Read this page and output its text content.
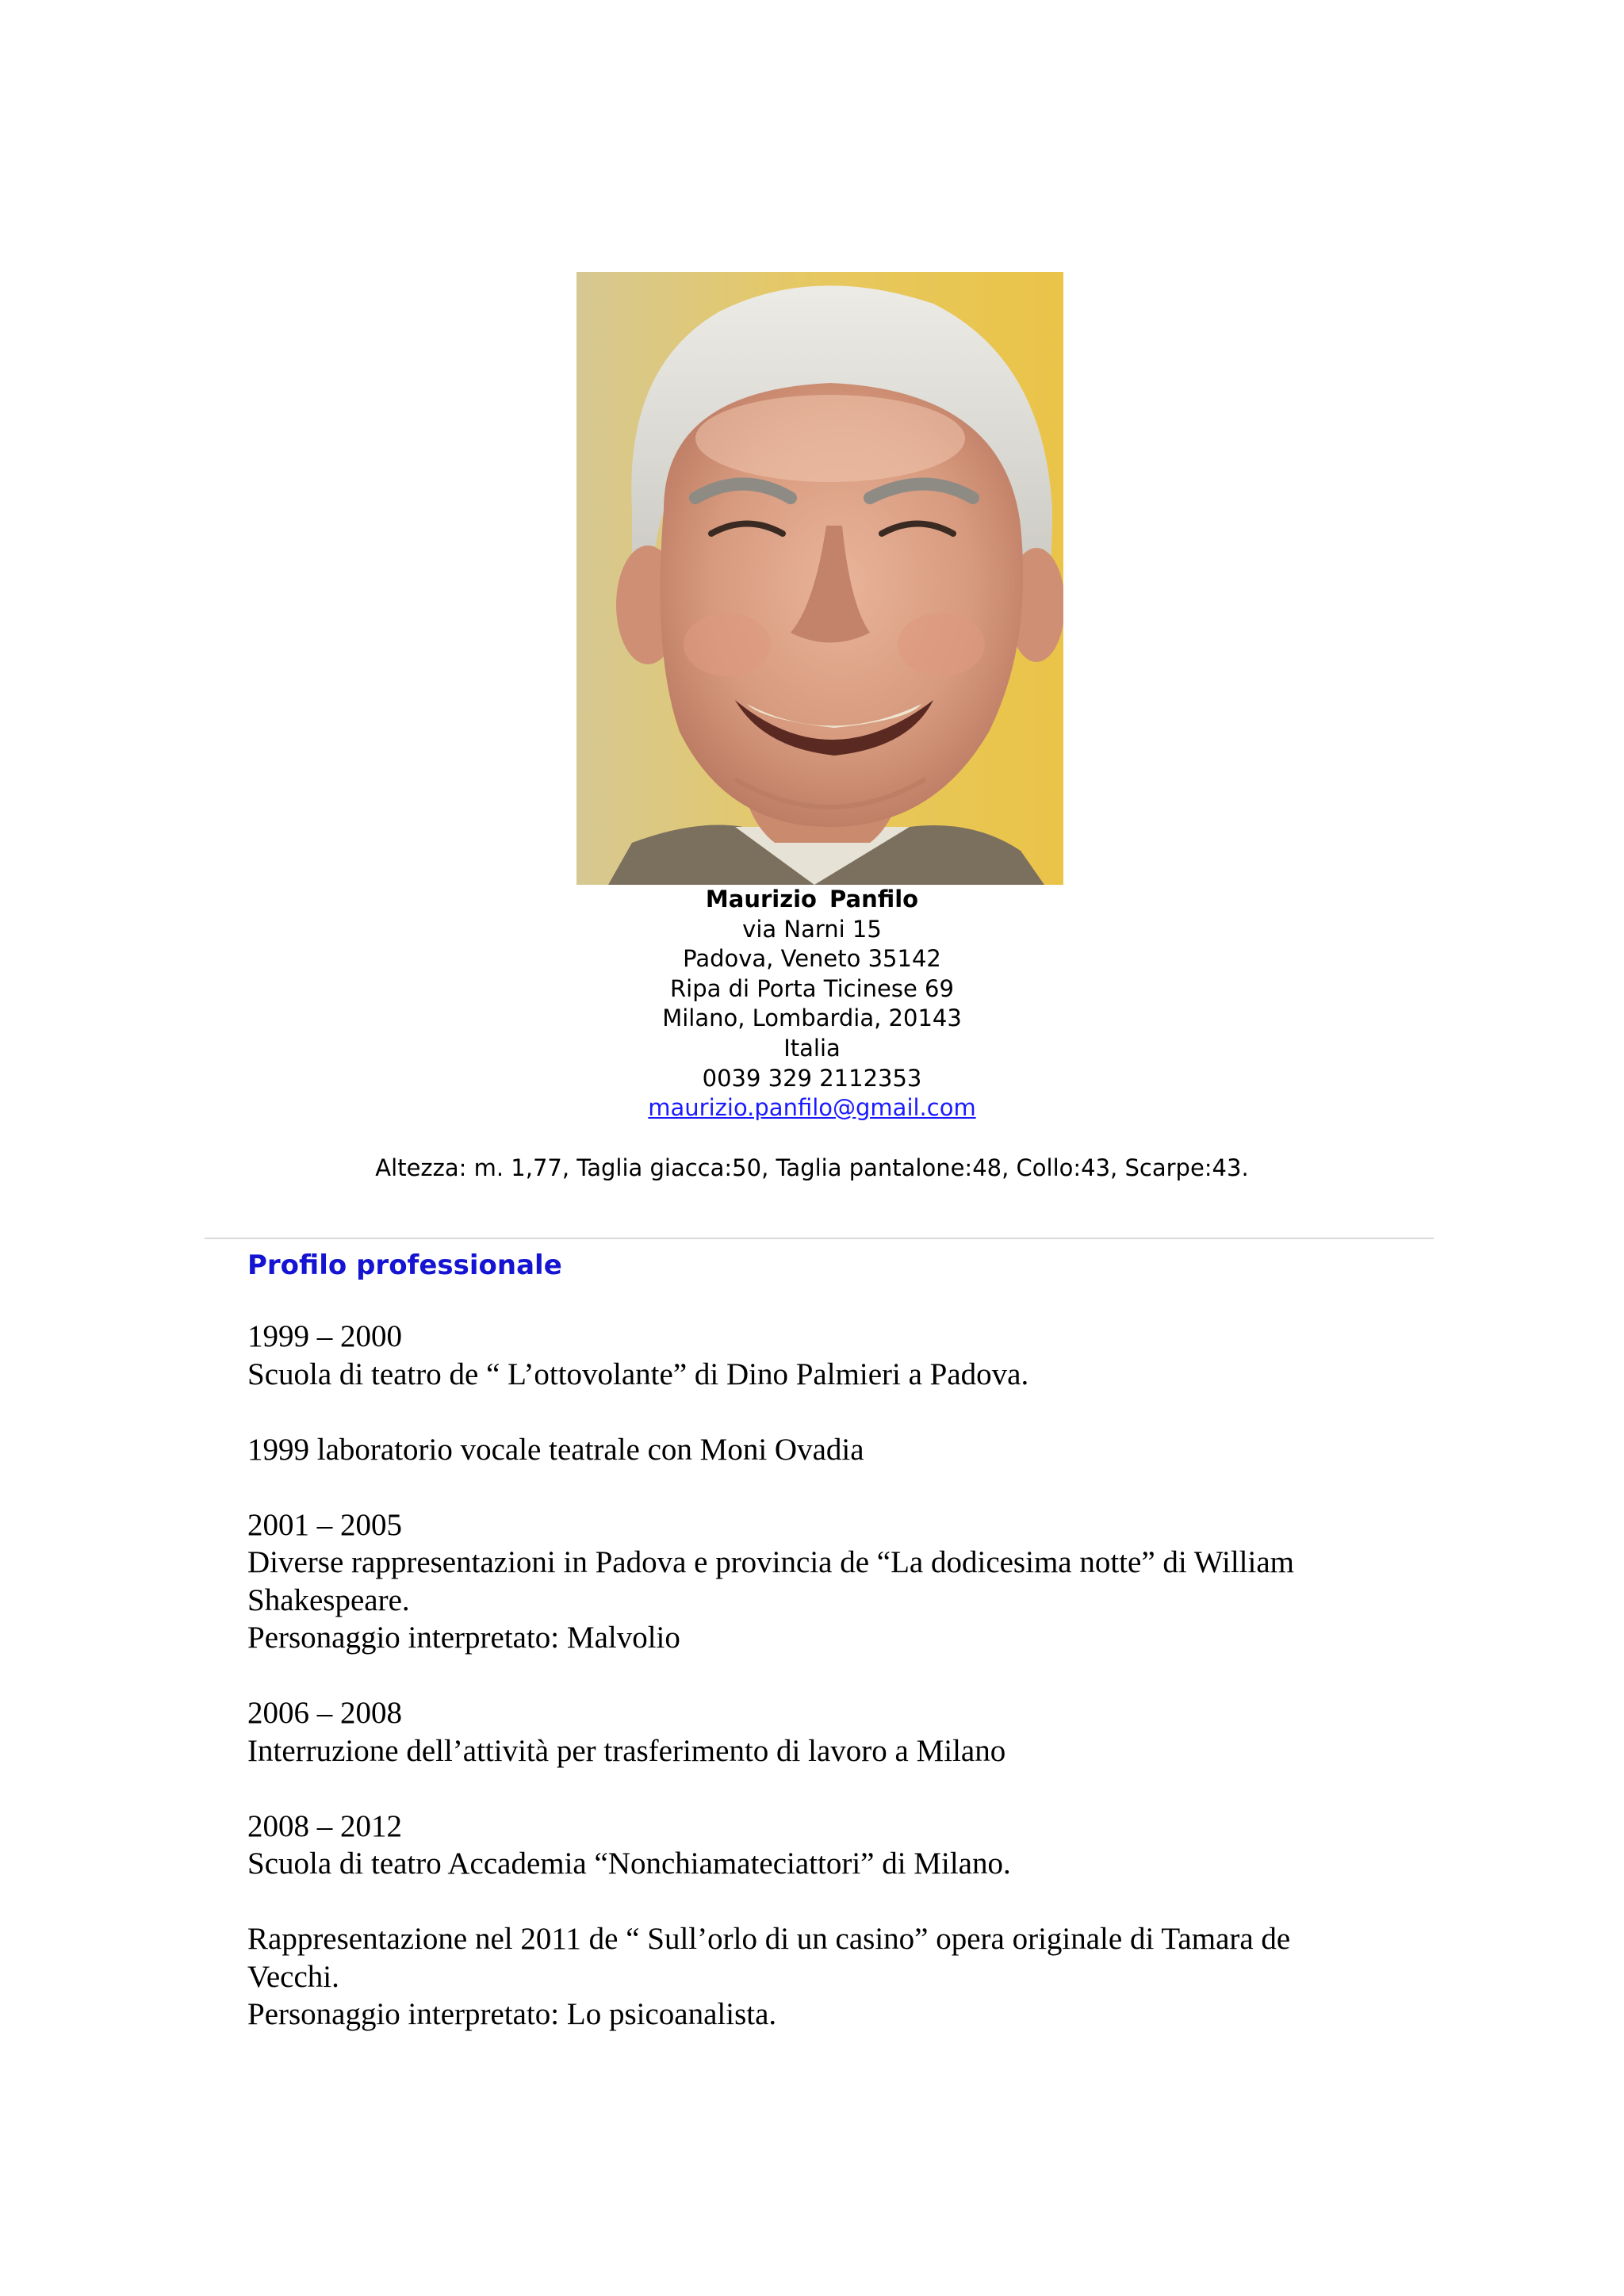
Maurizio Panfilo
via Narni 15
Padova, Veneto 35142
Ripa di Porta Ticinese 69
Milano, Lombardia, 20143
Italia
0039 329 2112353
maurizio.panfilo@gmail.com
Altezza: m. 1,77, Taglia giacca:50, Taglia pantalone:48, Collo:43, Scarpe:43.
Profilo professionale
1999 – 2000
Scuola di teatro de “ L’ottovolante” di Dino Palmieri a Padova.
1999 laboratorio vocale teatrale con Moni Ovadia
2001 – 2005
Diverse rappresentazioni in Padova e provincia de “La dodicesima notte” di William
Shakespeare.
Personaggio interpretato: Malvolio
2006 – 2008
Interruzione dell’attività per trasferimento di lavoro a Milano
2008 – 2012
Scuola di teatro Accademia “Nonchiamateciattori” di Milano.
Rappresentazione nel 2011 de “ Sull’orlo di un casino” opera originale di Tamara de
Vecchi.
Personaggio interpretato: Lo psicoanalista.
